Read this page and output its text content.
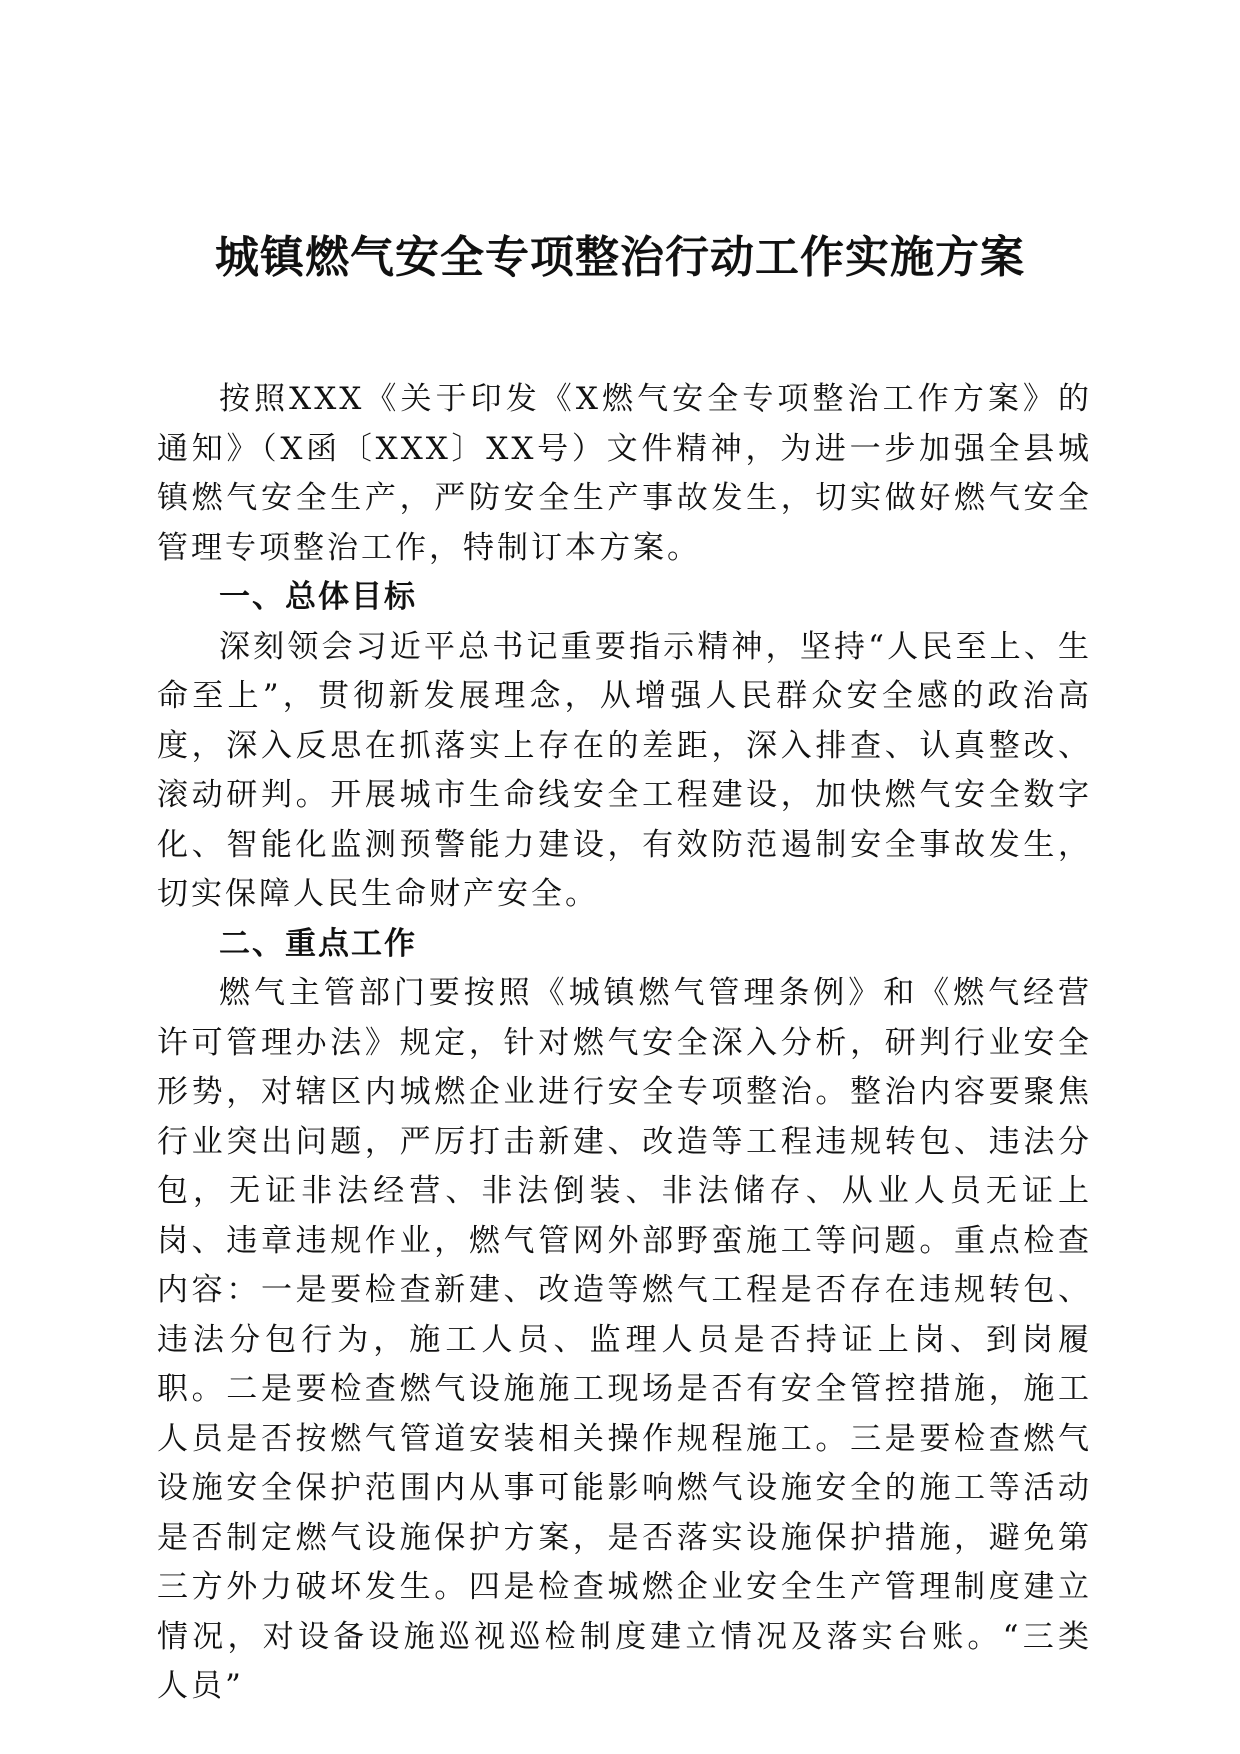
城镇燃气安全专项整治行动工作实施方案

按照XXX《关于印发《X燃气安全专项整治工作方案》的通知》（X函〔XXX〕XX号）文件精神，为进一步加强全县城镇燃气安全生产，严防安全生产事故发生，切实做好燃气安全管理专项整治工作，特制订本方案。

一、总体目标

深刻领会习近平总书记重要指示精神，坚持“人民至上、生命至上”，贯彻新发展理念，从增强人民群众安全感的政治高度，深入反思在抓落实上存在的差距，深入排查、认真整改、滚动研判。开展城市生命线安全工程建设，加快燃气安全数字化、智能化监测预警能力建设，有效防范遏制安全事故发生，切实保障人民生命财产安全。

二、重点工作

燃气主管部门要按照《城镇燃气管理条例》和《燃气经营许可管理办法》规定，针对燃气安全深入分析，研判行业安全形势，对辖区内城燃企业进行安全专项整治。整治内容要聚焦行业突出问题，严厉打击新建、改造等工程违规转包、违法分包，无证非法经营、非法倒装、非法储存、从业人员无证上岗、违章违规作业，燃气管网外部野蛮施工等问题。重点检查内容：一是要检查新建、改造等燃气工程是否存在违规转包、违法分包行为，施工人员、监理人员是否持证上岗、到岗履职。二是要检查燃气设施施工现场是否有安全管控措施，施工人员是否按燃气管道安装相关操作规程施工。三是要检查燃气设施安全保护范围内从事可能影响燃气设施安全的施工等活动是否制定燃气设施保护方案，是否落实设施保护措施，避免第三方外力破坏发生。四是检查城燃企业安全生产管理制度建立情况，对设备设施巡视巡检制度建立情况及落实台账。“三类人员”
